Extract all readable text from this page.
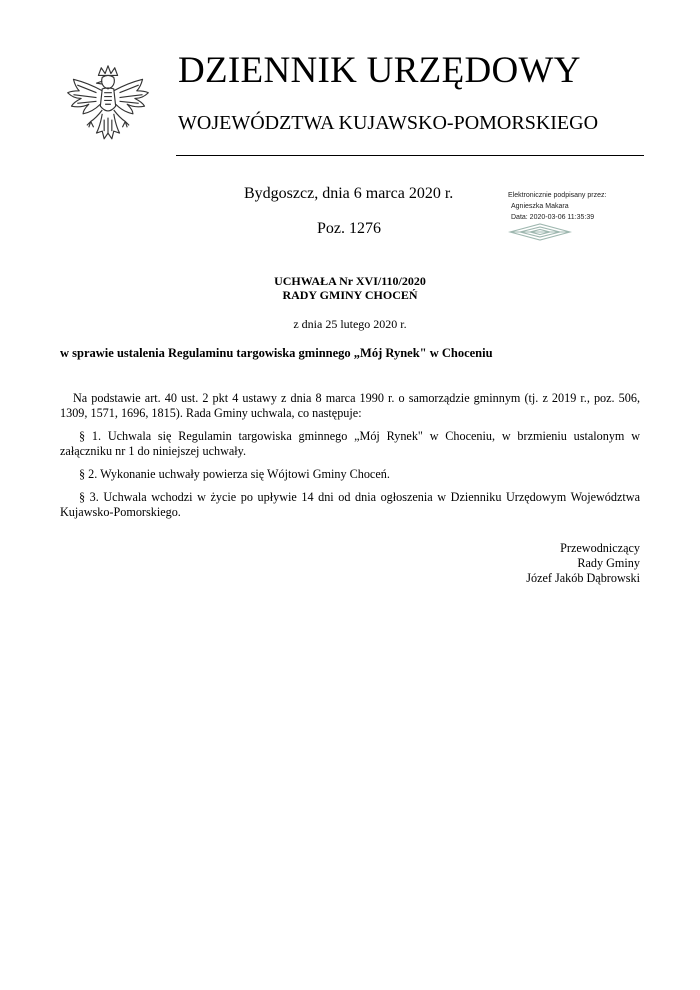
DZIENNIK URZĘDOWY
WOJEWÓDZTWA KUJAWSKO-POMORSKIEGO
Bydgoszcz, dnia 6 marca 2020 r.
Poz. 1276
Elektronicznie podpisany przez:
Agnieszka Makara
Data: 2020-03-06 11:35:39
UCHWAŁA Nr XVI/110/2020
RADY GMINY CHOCEŃ
z dnia 25 lutego 2020 r.
w sprawie ustalenia Regulaminu targowiska gminnego „Mój Rynek" w Choceniu
Na podstawie art. 40 ust. 2 pkt 4 ustawy z dnia 8 marca 1990 r. o samorządzie gminnym (tj. z 2019 r., poz. 506, 1309, 1571, 1696, 1815). Rada Gminy uchwala, co następuje:
§ 1. Uchwala się Regulamin targowiska gminnego „Mój Rynek" w Choceniu, w brzmieniu ustalonym w załączniku nr 1 do niniejszej uchwały.
§ 2. Wykonanie uchwały powierza się Wójtowi Gminy Choceń.
§ 3. Uchwala wchodzi w życie po upływie 14 dni od dnia ogłoszenia w Dzienniku Urzędowym Województwa Kujawsko-Pomorskiego.
Przewodniczący
Rady Gminy
Józef Jakób Dąbrowski
